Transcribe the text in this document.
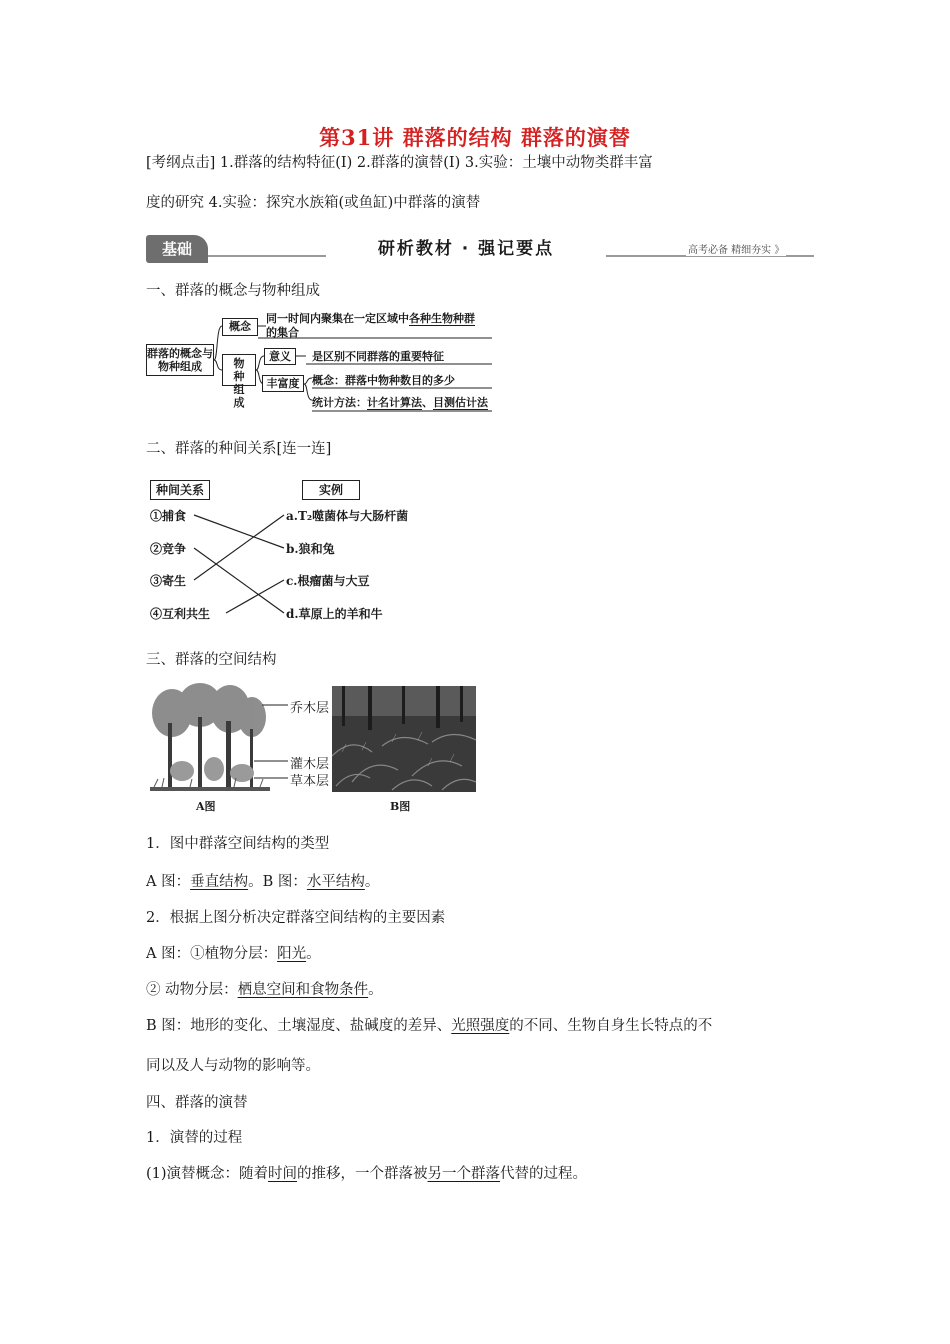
第31讲 群落的结构 群落的演替
[考纲点击] 1.群落的结构特征(Ⅰ) 2.群落的演替(Ⅰ) 3.实验：土壤中动物类群丰富
度的研究 4.实验：探究水族箱(或鱼缸)中群落的演替
基础	研析教材 · 强记要点	高考必备 精细夯实 》
一、群落的概念与物种组成
群落的概念与物种组成
概念
同一时间内聚集在一定区域中各种生物种群
的集合
物种组成
意义	是区别不同群落的重要特征
丰富度	概念：群落中物种数目的多少
统计方法：计名计算法、目测估计法
二、群落的种间关系[连一连]
种间关系	实例
①捕食
②竞争
③寄生
④互利共生
a.T₂噬菌体与大肠杆菌
b.狼和兔
c.根瘤菌与大豆
d.草原上的羊和牛
三、群落的空间结构
乔木层
灌木层
草本层
A图	B图
1．图中群落空间结构的类型
A 图：垂直结构。B 图：水平结构。
2．根据上图分析决定群落空间结构的主要因素
A 图：①植物分层：阳光。
② 动物分层：栖息空间和食物条件。
B 图：地形的变化、土壤湿度、盐碱度的差异、光照强度的不同、生物自身生长特点的不
同以及人与动物的影响等。
四、群落的演替
1．演替的过程
(1)演替概念：随着时间的推移，一个群落被另一个群落代替的过程。
